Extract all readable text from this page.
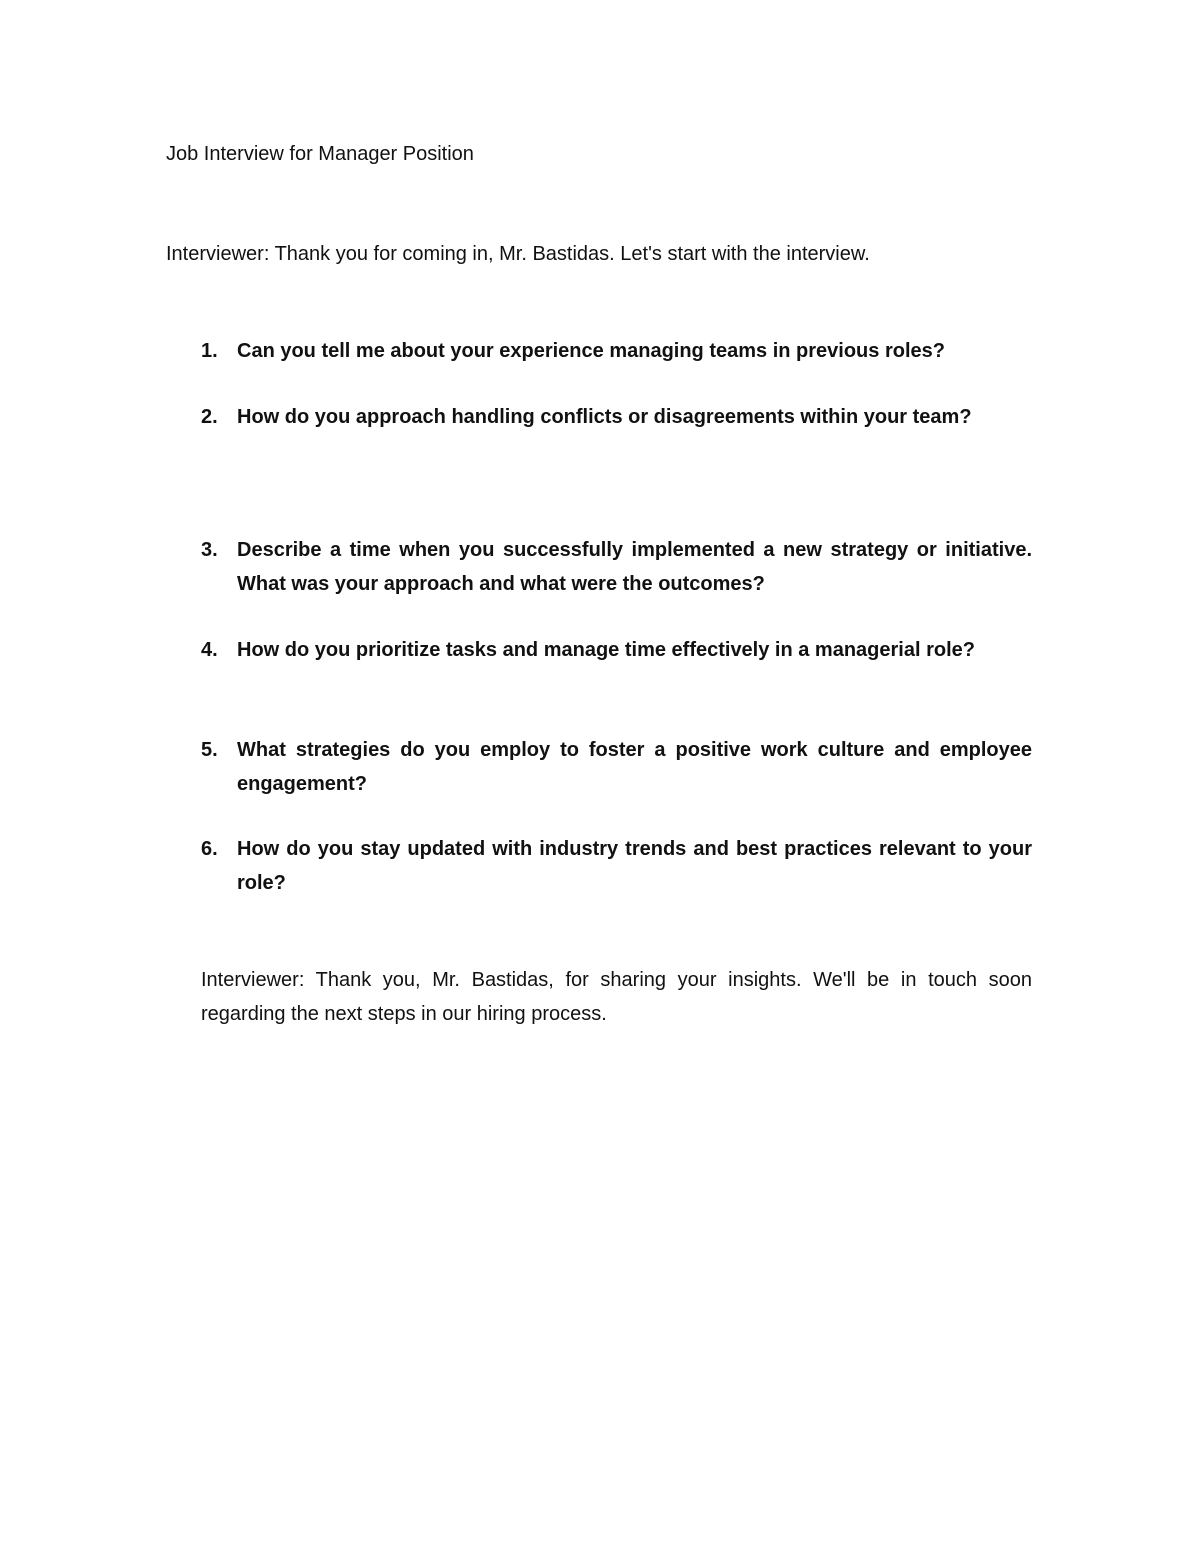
Job Interview for Manager Position
Interviewer: Thank you for coming in, Mr. Bastidas. Let's start with the interview.
1. Can you tell me about your experience managing teams in previous roles?
2. How do you approach handling conflicts or disagreements within your team?
3. Describe a time when you successfully implemented a new strategy or initiative. What was your approach and what were the outcomes?
4. How do you prioritize tasks and manage time effectively in a managerial role?
5. What strategies do you employ to foster a positive work culture and employee engagement?
6. How do you stay updated with industry trends and best practices relevant to your role?
Interviewer: Thank you, Mr. Bastidas, for sharing your insights. We'll be in touch soon regarding the next steps in our hiring process.
